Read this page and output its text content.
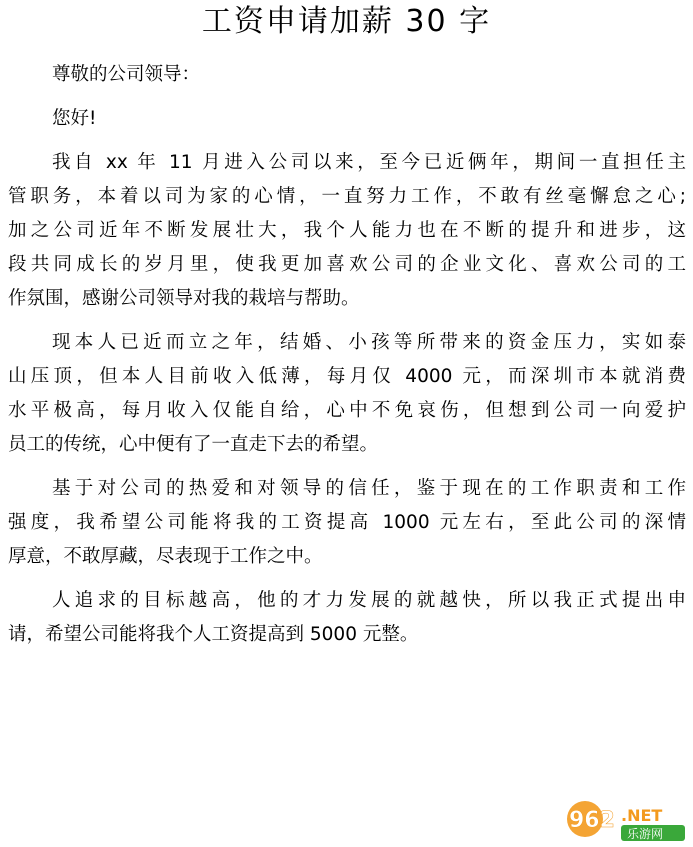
工资申请加薪 30 字
尊敬的公司领导：
您好!
我自 xx 年 11 月进入公司以来，至今已近俩年，期间一直担任主
管职务，本着以司为家的心情，一直努力工作，不敢有丝毫懈怠之心;
加之公司近年不断发展壮大，我个人能力也在不断的提升和进步，这
段共同成长的岁月里，使我更加喜欢公司的企业文化、喜欢公司的工
作氛围，感谢公司领导对我的栽培与帮助。
现本人已近而立之年，结婚、小孩等所带来的资金压力，实如泰
山压顶，但本人目前收入低薄，每月仅 4000 元，而深圳市本就消费
水平极高，每月收入仅能自给，心中不免哀伤，但想到公司一向爱护
员工的传统，心中便有了一直走下去的希望。
基于对公司的热爱和对领导的信任，鉴于现在的工作职责和工作
强度，我希望公司能将我的工资提高 1000 元左右，至此公司的深情
厚意，不敢厚藏，尽表现于工作之中。
人追求的目标越高，他的才力发展的就越快，所以我正式提出申
请，希望公司能将我个人工资提高到 5000 元整。
962 .NET
乐游网
